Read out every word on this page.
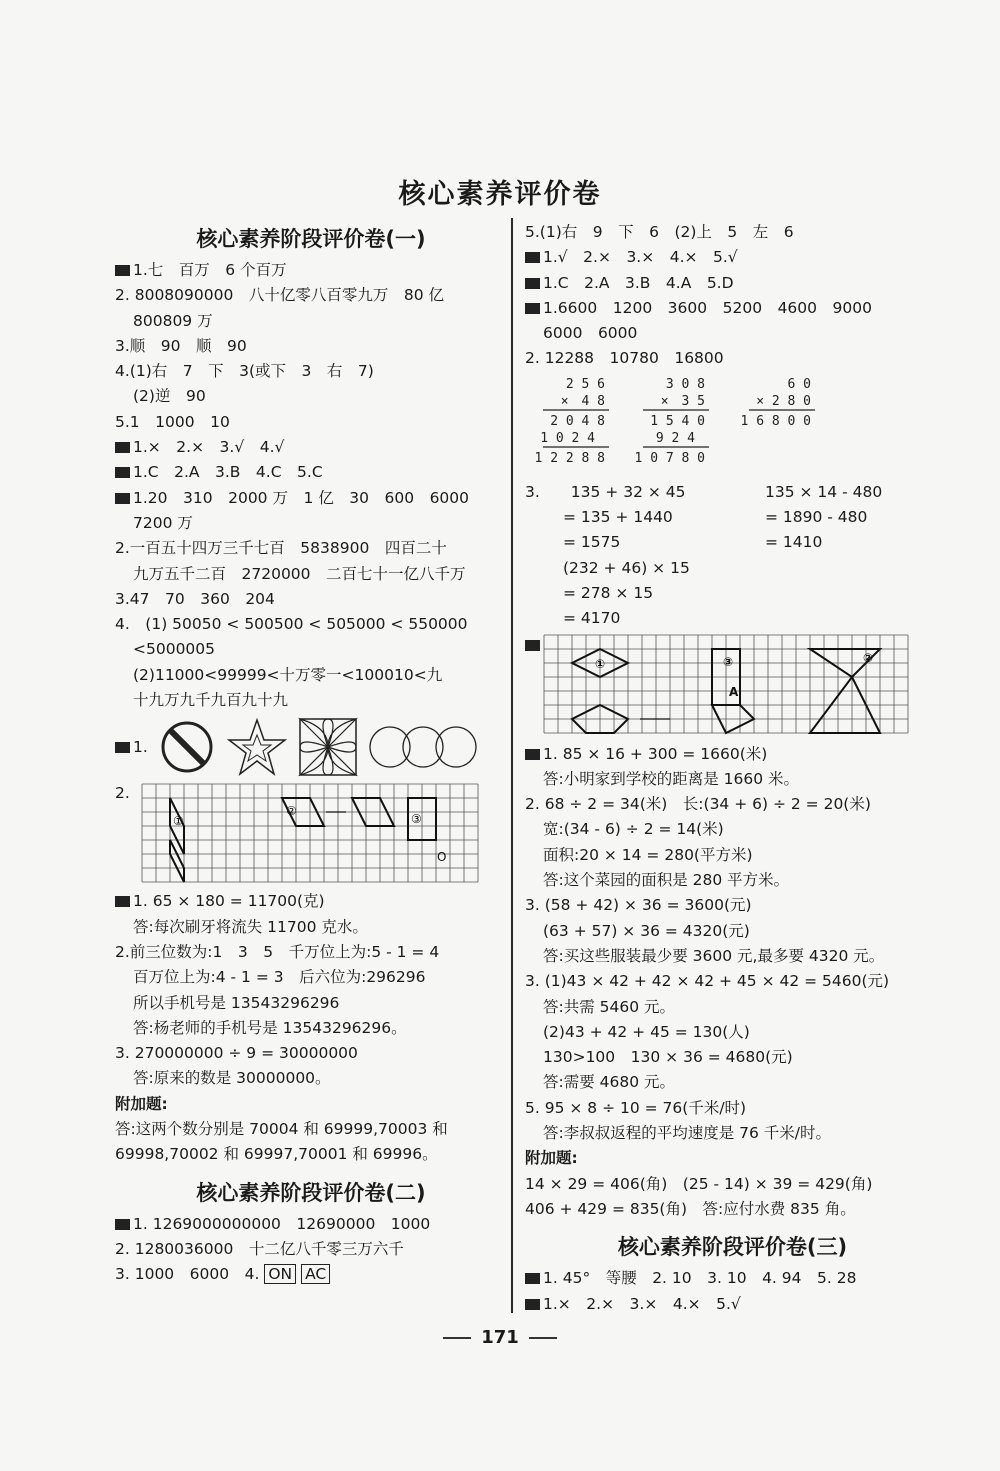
核心素养评价卷
核心素养阶段评价卷(一)
1.七　百万　6 个百万
2. 8008090000　八十亿零八百零九万　80 亿
800809 万
3.顺　90　顺　90
4.(1)右　7　下　3(或下　3　右　7)
(2)逆　90
5.1　1000　10
1.×　2.×　3.√　4.√
1.C　2.A　3.B　4.C　5.C
1.20　310　2000 万　1 亿　30　600　6000
7200 万
2.一百五十四万三千七百　5838900　四百二十
九万五千二百　2720000　二百七十一亿八千万
3.47　70　360　204
4.　(1) 50050 < 500500 < 505000 < 550000
<5000005
(2)11000<99999<十万零一<100010<九
十九万九千九百九十九
1.
2.
①
②
③
O
1. 65 × 180 = 11700(克)
答:每次刷牙将流失 11700 克水。
2.前三位数为:1　3　5　千万位上为:5 - 1 = 4
百万位上为:4 - 1 = 3　后六位为:296296
所以手机号是 13543296296
答:杨老师的手机号是 13543296296。
3. 270000000 ÷ 9 = 30000000
答:原来的数是 30000000。
附加题:
答:这两个数分别是 70004 和 69999,70003 和
69998,70002 和 69997,70001 和 69996。
核心素养阶段评价卷(二)
1. 1269000000000　12690000　1000
2. 1280036000　十二亿八千零三万六千
3. 1000　6000　4. ON AC
5.(1)右　9　下　6　(2)上　5　左　6
1.√　2.×　3.×　4.×　5.√
1.C　2.A　3.B　4.A　5.D
1.6600　1200　3600　5200　4600　9000
6000　6000
2. 12288　10780　16800
2 5 6
×　4 8
2 0 4 8
1 0 2 4
1 2 2 8 8
3 0 8
×　3 5
1 5 4 0
9 2 4
1 0 7 8 0
6 0
× 2 8 0
1 6 8 0 0
3.　　135 + 32 × 45
= 135 + 1440
= 1575
135 × 14 - 480
= 1890 - 480
= 1410
(232 + 46) × 15
= 278 × 15
= 4170
①	②
③
A
1. 85 × 16 + 300 = 1660(米)
答:小明家到学校的距离是 1660 米。
2. 68 ÷ 2 = 34(米)　长:(34 + 6) ÷ 2 = 20(米)
宽:(34 - 6) ÷ 2 = 14(米)
面积:20 × 14 = 280(平方米)
答:这个菜园的面积是 280 平方米。
3. (58 + 42) × 36 = 3600(元)
(63 + 57) × 36 = 4320(元)
答:买这些服装最少要 3600 元,最多要 4320 元。
3. (1)43 × 42 + 42 × 42 + 45 × 42 = 5460(元)
答:共需 5460 元。
(2)43 + 42 + 45 = 130(人)
130>100　130 × 36 = 4680(元)
答:需要 4680 元。
5. 95 × 8 ÷ 10 = 76(千米/时)
答:李叔叔返程的平均速度是 76 千米/时。
附加题:
14 × 29 = 406(角)　(25 - 14) × 39 = 429(角)
406 + 429 = 835(角)　答:应付水费 835 角。
核心素养阶段评价卷(三)
1. 45°　等腰　2. 10　3. 10　4. 94　5. 28
1.×　2.×　3.×　4.×　5.√
171
